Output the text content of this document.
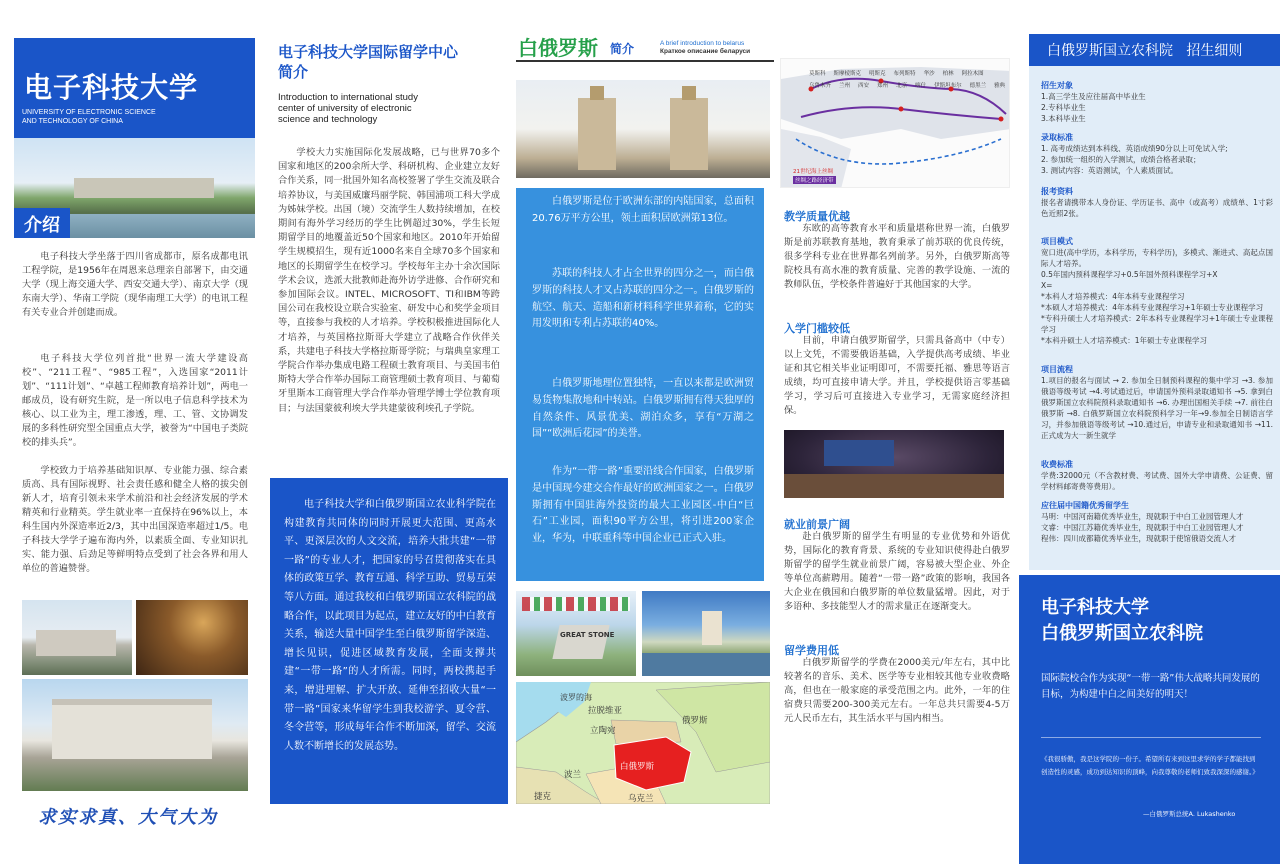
电子科技大学
UNIVERSITY OF ELECTRONIC SCIENCE
AND TECHNOLOGY OF CHINA
介绍
电子科技大学坐落于四川省成都市，原名成都电讯工程学院，是1956年在周恩来总理亲自部署下，由交通大学（现上海交通大学、西安交通大学）、南京大学（现东南大学）、华南工学院（现华南理工大学）的电讯工程有关专业合并创建而成。
电子科技大学位列首批“世界一流大学建设高校”、“211工程”、“985工程”，入选国家“2011计划”、“111计划”、“卓越工程师教育培养计划”，两电一邮成员，设有研究生院，是一所以电子信息科学技术为核心、以工业为主，理工渗透，理、工、管、文协调发展的多科性研究型全国重点大学，被誉为“中国电子类院校的排头兵”。
学校致力于培养基础知识厚、专业能力强、综合素质高、具有国际视野、社会责任感和健全人格的拔尖创新人才，培育引领未来学术前沿和社会经济发展的学术精英和行业精英。学生就业率一直保持在96%以上，本科生国内外深造率近2/3，其中出国深造率超过1/5。电子科技大学学子遍布海内外，以素质全面、专业知识扎实、能力强、后劲足等鲜明特点受到了社会各界和用人单位的普遍赞誉。
求实求真、大气大为
电子科技大学国际留学中心
简介
Introduction to international study
center of university of electronic
science and technology
学校大力实施国际化发展战略，已与世界70多个国家和地区的200余所大学、科研机构、企业建立友好合作关系，同一批国外知名高校签署了学生交流及联合培养协议，与美国威廉玛丽学院、韩国浦项工科大学成为姊妹学校。出国（境）交流学生人数持续增加，在校期间有海外学习经历的学生比例超过30%，学生长短期留学目的地覆盖近50个国家和地区。2010年开始留学生规模招生，现有近1000名来自全球70多个国家和地区的长期留学生在校学习。学校每年主办十余次国际学术会议，选派大批教师赴海外访学进修、合作研究和参加国际会议。INTEL、MICROSOFT、TI和IBM等跨国公司在我校设立联合实验室、研发中心和奖学金项目等，直接参与我校的人才培养。学校积极推进国际化人才培养，与英国格拉斯哥大学建立了战略合作伙伴关系，共建电子科技大学格拉斯哥学院；与瑞典皇家理工学院合作举办集成电路工程硕士教育项目、与美国韦伯斯特大学合作举办国际工商管理硕士教育项目、与葡萄牙里斯本工商管理大学合作举办管理学博士学位教育项目；与法国蒙彼利埃大学共建蒙彼利埃孔子学院。
电子科技大学和白俄罗斯国立农业科学院在构建教育共同体的同时开展更大范围、更高水平、更深层次的人文交流，培养大批共建“一带一路”的专业人才，把国家的号召贯彻落实在具体的政策互学、教育互通、科学互助、贸易互荣等八方面。通过我校和白俄罗斯国立农科院的战略合作，以此项目为起点，建立友好的中白教育关系，输送大量中国学生至白俄罗斯留学深造、增长见识，促进区域教育发展，全面支撑共建“一带一路”的人才所需。同时，两校携起手来，增进理解、扩大开放、延伸至招收大量“一带一路”国家来华留学生到我校游学、夏令营、冬令营等，形成每年合作不断加深，留学、交流人数不断增长的发展态势。
白俄罗斯 简介	A brief introduction to belarus
Краткое описание беларуси
白俄罗斯是位于欧洲东部的内陆国家，总面积20.76万平方公里，领土面积居欧洲第13位。
苏联的科技人才占全世界的四分之一，而白俄罗斯的科技人才又占苏联的四分之一。白俄罗斯的航空、航天、造船和新材料科学世界着称，它的实用发明和专利占苏联的40%。
白俄罗斯地理位置独特，一直以来都是欧洲贸易货物集散地和中转站。白俄罗斯拥有得天独厚的自然条件、风景优美、湖泊众多，享有“万湖之国”“欧洲后花园”的美誉。
作为“一带一路”重要沿线合作国家，白俄罗斯是中国现今建交合作最好的欧洲国家之一。白俄罗斯拥有中国驻海外投资的最大工业园区-中白“巨石”工业园，面积90平方公里，将引进200家企业，华为，中联重科等中国企业已正式入驻。
GREAT STONE
拉脱维亚
波罗的海
立陶宛
俄罗斯
白俄罗斯
波兰
捷克	乌克兰
莫斯科 斯摩棱斯克 明斯克 布列斯特 华沙 柏林 阿拉木图
乌鲁木齐 兰州 西安 郑州 北京 喀什 伊斯坦布尔 德黑兰 雅典
21世纪海上丝绸
丝绸之路经济带
教学质量优越
东欧的高等教育水平和质量堪称世界一流，白俄罗斯是前苏联教育基地，教育秉承了前苏联的优良传统，很多学科专业在世界都名列前茅。另外，白俄罗斯高等院校具有高水准的教育质量、完善的教学设施、一流的教师队伍，学校条件普遍好于其他国家的大学。
入学门槛较低
目前，申请白俄罗斯留学，只需具备高中（中专）以上文凭，不需要俄语基础，入学提供高考成绩、毕业证和其它相关毕业证明即可，不需要托福、雅思等语言成绩，均可直接申请大学。并且，学校提供语言零基础学习，学习后可直接进入专业学习，无需家庭经济担保。
就业前景广阔
赴白俄罗斯的留学生有明显的专业优势和外语优势，国际化的教育背景、系统的专业知识使得赴白俄罗斯留学的留学生就业前景广阔，容易被大型企业、外企等单位高薪聘用。随着“一带一路”政策的影响，我国各大企业在俄国和白俄罗斯的单位数量猛增。因此，对于多语种、多技能型人才的需求量正在逐渐变大。
留学费用低
白俄罗斯留学的学费在2000美元/年左右，其中比较著名的音乐、美术、医学等专业相较其他专业收费略高，但也在一般家庭的承受范围之内。此外，一年的住宿费只需要200-300美元左右。一年总共只需要4-5万元人民币左右，其生活水平与国内相当。
白俄罗斯国立农科院   招生细则
招生对象
1.高三学生及应往届高中毕业生
2.专科毕业生
3.本科毕业生
录取标准
1. 高考成绩达到本科线、英语成绩90分以上可免试入学;
2. 参加统一组织的入学测试，成绩合格者录取；
3. 测试内容：英语测试，个人素质面试。
报考资料
报名者请携带本人身份证、学历证书、高中（或高考）成绩单、1寸彩色近照2张。
项目模式
宽口进(高中学历，本科学历，专科学历)，多模式、渐进式、高起点国际人才培养。
0.5年国内预科课程学习+0.5年国外预科课程学习+X
X=
*本科人才培养模式：4年本科专业课程学习
*本硕人才培养模式：4年本科专业课程学习+1年硕士专业课程学习
*专科升硕士人才培养模式：2年本科专业课程学习+1年硕士专业课程学习
*本科升硕士人才培养模式：1年硕士专业课程学习
项目流程
1.项目的报名与面试 → 2. 参加全日制预科课程的集中学习 →3. 参加俄语等级考试 →4.考试通过后，申请国外预科录取通知书 →5. 拿到白俄罗斯国立农科院预科录取通知书 →6. 办理出国相关手续 →7. 前往白俄罗斯 →8. 白俄罗斯国立农科院预科学习一年→9.参加全日制语言学习，并参加俄语等级考试 →10.通过后，申请专业和录取通知书 →11. 正式成为大一新生就学
收费标准
学费:32000元（不含教材费、考试费、国外大学申请费、公证费、留学材料邮寄费等费用）。
应往届中国籍优秀留学生
马明：中国河南籍优秀毕业生，现就职于中白工业园管理人才
文睿：中国江苏籍优秀毕业生，现就职于中白工业园管理人才
程伟：四川成都籍优秀毕业生，现就职于使馆俄语交流人才
电子科技大学
白俄罗斯国立农科院
国际院校合作为实现“一带一路”伟大战略共同发展的目标，为构建中白之间美好的明天！
《我很骄傲，我是这学院的一份子。希望所有来到这里求学的学子都能找到创造性的灵感，成功到达知识的顶峰，向我尊敬的老师们致我深深的感谢。》
—白俄罗斯总统A. Lukashenko
